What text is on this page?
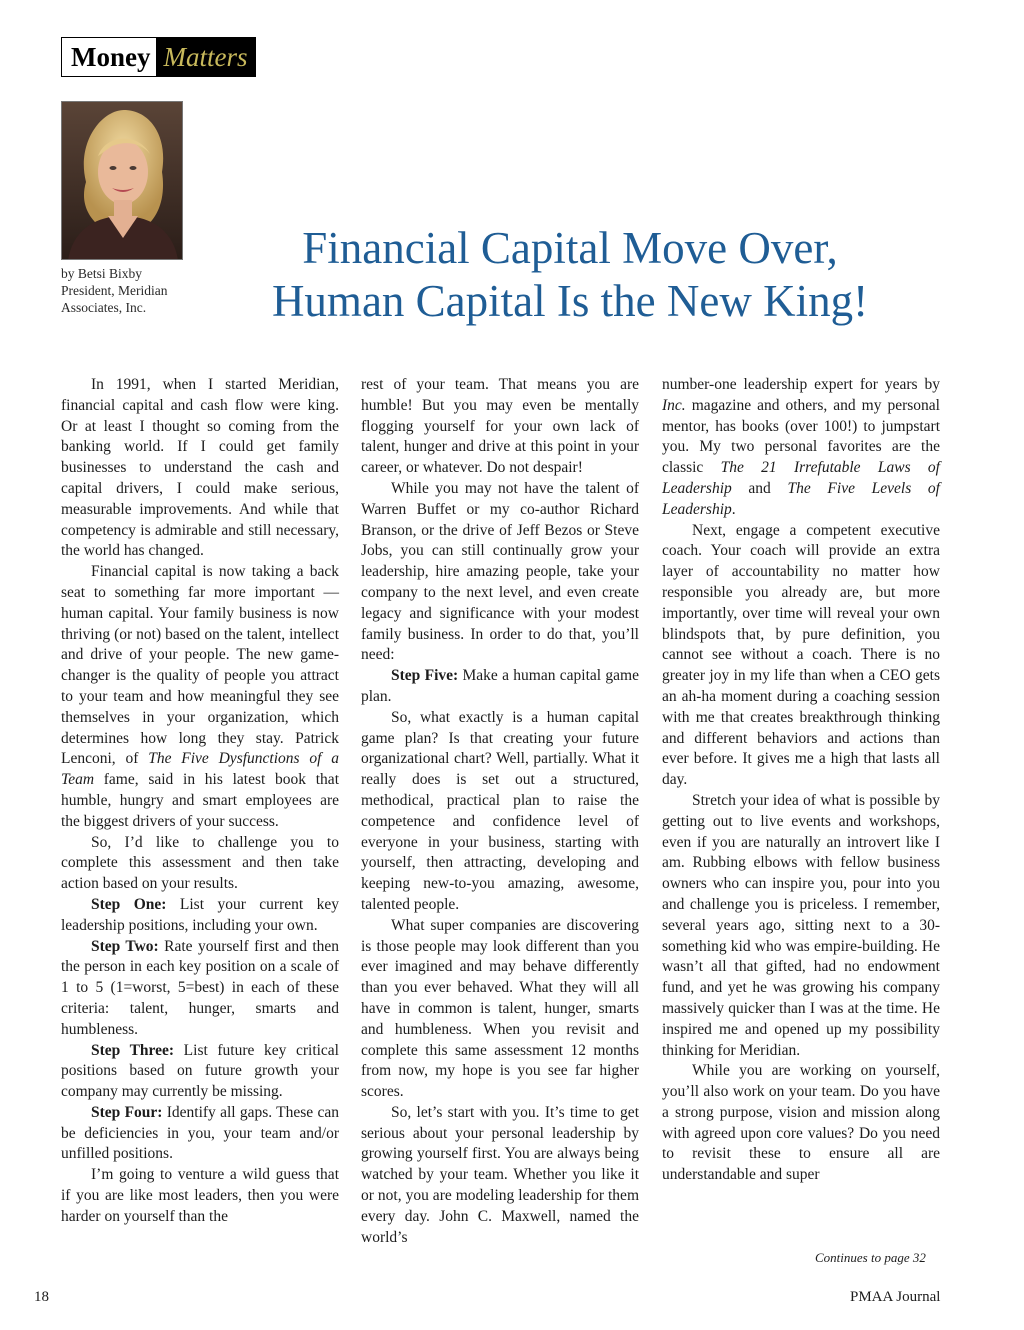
Money Matters
by Betsi Bixby
President, Meridian
Associates, Inc.
Financial Capital Move Over,
Human Capital Is the New King!

In 1991, when I started Meridian, financial capital and cash flow were king. Or at least I thought so coming from the banking world. If I could get family businesses to understand the cash and capital drivers, I could make serious, measurable improvements. And while that competency is admirable and still necessary, the world has changed.

Financial capital is now taking a back seat to something far more important — human capital. Your family business is now thriving (or not) based on the talent, intellect and drive of your people. The new game-changer is the quality of people you attract to your team and how meaningful they see themselves in your organization, which determines how long they stay. Patrick Lenconi, of The Five Dysfunctions of a Team fame, said in his latest book that humble, hungry and smart employees are the biggest drivers of your success.

So, I’d like to challenge you to complete this assessment and then take action based on your results.

Step One: List your current key leadership positions, including your own.

Step Two: Rate yourself first and then the person in each key position on a scale of 1 to 5 (1=worst, 5=best) in each of these criteria: talent, hunger, smarts and humbleness.

Step Three: List future key critical positions based on future growth your company may currently be missing.

Step Four: Identify all gaps. These can be deficiencies in you, your team and/or unfilled positions.

I’m going to venture a wild guess that if you are like most leaders, then you were harder on yourself than the

rest of your team. That means you are humble! But you may even be mentally flogging yourself for your own lack of talent, hunger and drive at this point in your career, or whatever. Do not despair!

While you may not have the talent of Warren Buffet or my co-author Richard Branson, or the drive of Jeff Bezos or Steve Jobs, you can still continually grow your leadership, hire amazing people, take your company to the next level, and even create legacy and significance with your modest family business. In order to do that, you’ll need:

Step Five: Make a human capital game plan.

So, what exactly is a human capital game plan? Is that creating your future organizational chart? Well, partially. What it really does is set out a structured, methodical, practical plan to raise the competence and confidence level of everyone in your business, starting with yourself, then attracting, developing and keeping new-to-you amazing, awesome, talented people.

What super companies are discovering is those people may look different than you ever imagined and may behave differently than you ever behaved. What they will all have in common is talent, hunger, smarts and humbleness. When you revisit and complete this same assessment 12 months from now, my hope is you see far higher scores.

So, let’s start with you. It’s time to get serious about your personal leadership by growing yourself first. You are always being watched by your team. Whether you like it or not, you are modeling leadership for them every day. John C. Maxwell, named the world’s

number-one leadership expert for years by Inc. magazine and others, and my personal mentor, has books (over 100!) to jumpstart you. My two personal favorites are the classic The 21 Irrefutable Laws of Leadership and The Five Levels of Leadership.

Next, engage a competent executive coach. Your coach will provide an extra layer of accountability no matter how responsible you already are, but more importantly, over time will reveal your own blindspots that, by pure definition, you cannot see without a coach. There is no greater joy in my life than when a CEO gets an ah-ha moment during a coaching session with me that creates breakthrough thinking and different behaviors and actions than ever before. It gives me a high that lasts all day.

Stretch your idea of what is possible by getting out to live events and workshops, even if you are naturally an introvert like I am. Rubbing elbows with fellow business owners who can inspire you, pour into you and challenge you is priceless. I remember, several years ago, sitting next to a 30-something kid who was empire-building. He wasn’t all that gifted, had no endowment fund, and yet he was growing his company massively quicker than I was at the time. He inspired me and opened up my possibility thinking for Meridian.

While you are working on yourself, you’ll also work on your team. Do you have a strong purpose, vision and mission along with agreed upon core values? Do you need to revisit these to ensure all are understandable and super

Continues to page 32
18	PMAA Journal
